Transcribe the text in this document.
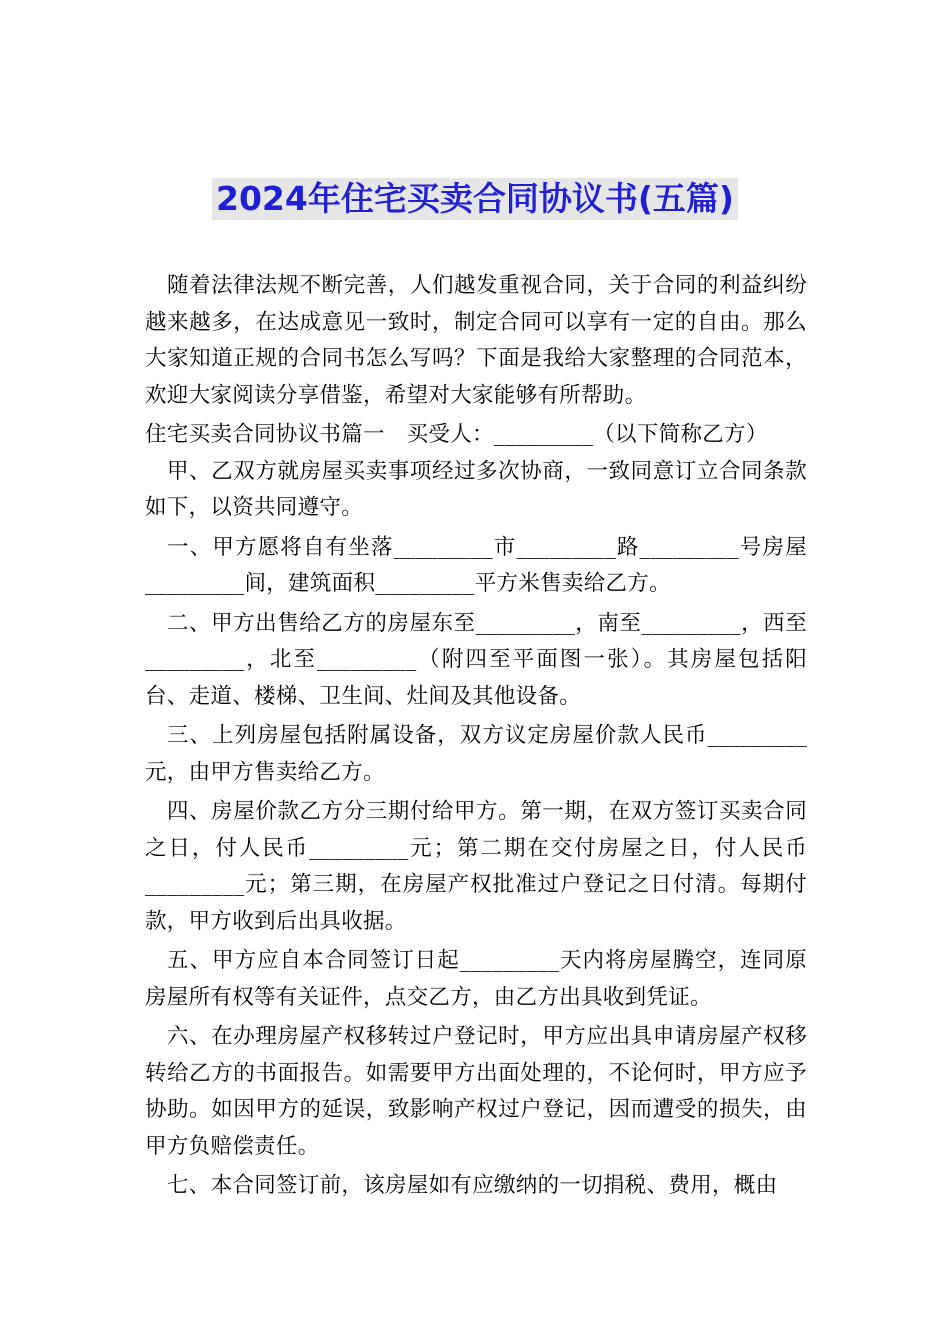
2024年住宅买卖合同协议书(五篇)

随着法律法规不断完善，人们越发重视合同，关于合同的利益纠纷越来越多，在达成意见一致时，制定合同可以享有一定的自由。那么大家知道正规的合同书怎么写吗？下面是我给大家整理的合同范本，欢迎大家阅读分享借鉴，希望对大家能够有所帮助。

住宅买卖合同协议书篇一　买受人：_________（以下简称乙方）

甲、乙双方就房屋买卖事项经过多次协商，一致同意订立合同条款如下，以资共同遵守。

一、甲方愿将自有坐落_________市_________路_________号房屋_________间，建筑面积_________平方米售卖给乙方。

二、甲方出售给乙方的房屋东至_________，南至_________，西至_________，北至_________（附四至平面图一张）。其房屋包括阳台、走道、楼梯、卫生间、灶间及其他设备。

三、上列房屋包括附属设备，双方议定房屋价款人民币_________元，由甲方售卖给乙方。

四、房屋价款乙方分三期付给甲方。第一期，在双方签订买卖合同之日，付人民币_________元；第二期在交付房屋之日，付人民币_________元；第三期，在房屋产权批准过户登记之日付清。每期付款，甲方收到后出具收据。

五、甲方应自本合同签订日起_________天内将房屋腾空，连同原房屋所有权等有关证件，点交乙方，由乙方出具收到凭证。

六、在办理房屋产权移转过户登记时，甲方应出具申请房屋产权移转给乙方的书面报告。如需要甲方出面处理的，不论何时，甲方应予协助。如因甲方的延误，致影响产权过户登记，因而遭受的损失，由甲方负赔偿责任。

七、本合同签订前，该房屋如有应缴纳的一切捐税、费用，概由
